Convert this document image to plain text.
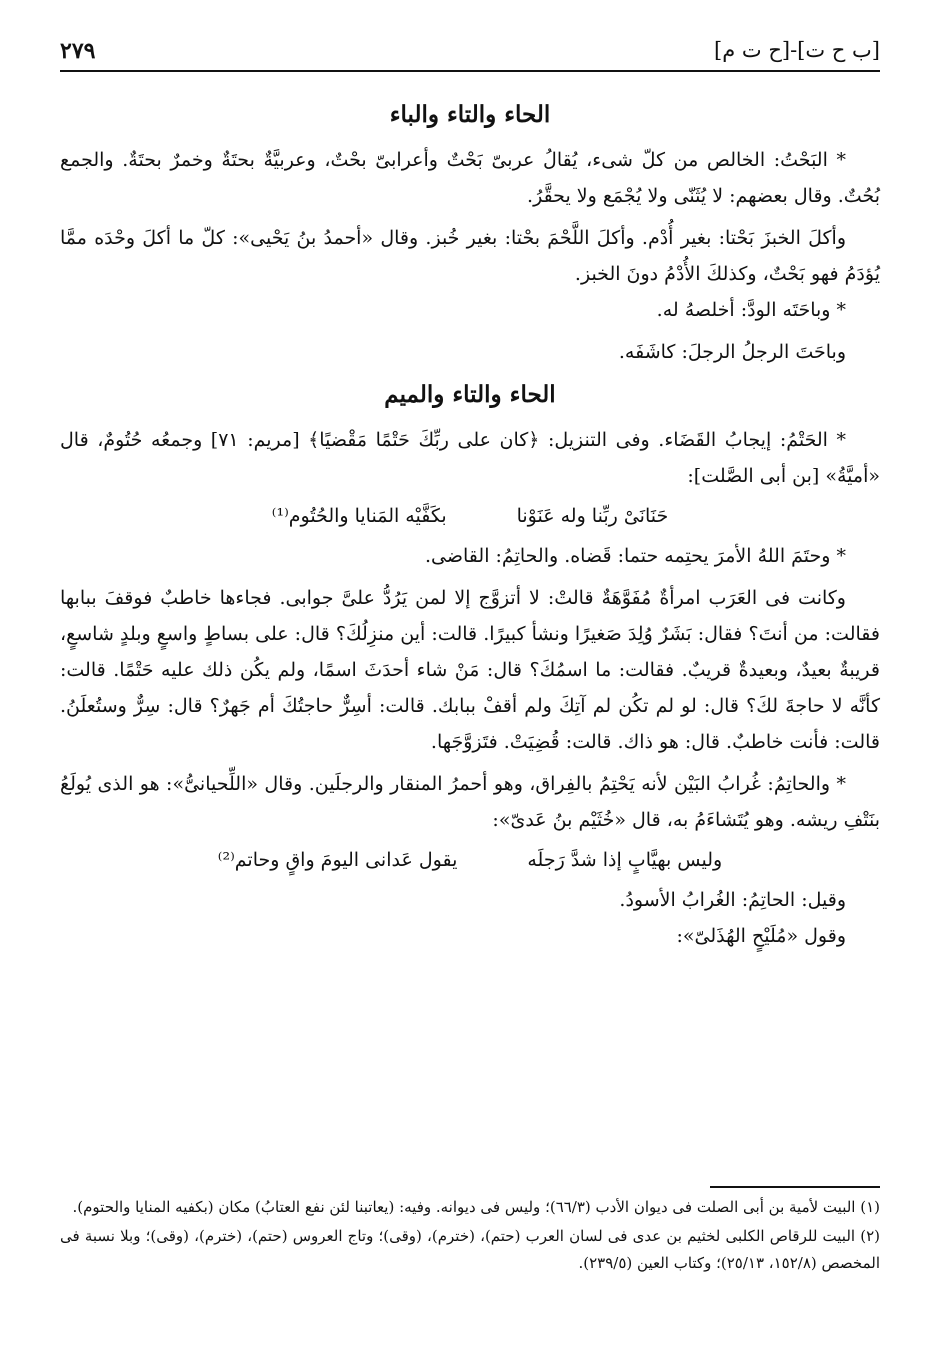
[ب ح ت]-[ح ت م]
٢٧٩
الحاء والتاء والباء

* البَحْتُ: الخالص من كلّ شىء، يُقالُ عربىّ بَحْتٌ وأعرابىّ بحْتٌ، وعربيَّةٌ بحتَةٌ وخمرٌ بحتَةٌ. والجمع بُحُتٌ. وقال بعضهم: لا يُثَنّى ولا يُجْمَع ولا يحقَّرُ.

وأكلَ الخبزَ بَحْتا: بغير أُدْم. وأكلَ اللَّحْمَ بحْتا: بغير خُبز. وقال «أحمدُ بنُ يَحْيى»: كلّ ما أكلَ وحْدَه ممَّا يُؤدَمُ فهو بَحْتٌ، وكذلكَ الأُدْمُ دونَ الخبز.

* وباحَتَه الودَّ: أخلصهُ له.

وباحَتَ الرجلُ الرجلَ: كاشَفَه.

الحاء والتاء والميم

* الحَتْمُ: إيجابُ القَضَاء. وفى التنزيل: ﴿كان على ربِّكَ حَتْمًا مَقْضيًا﴾ [مريم: ٧١] وجمعُه حُتُومٌ، قال «أميَّةُ» [بن أبى الصَّلت]:

حَنَانَىْ ربِّنا وله عَنَوْنا
بكَفَّيْه المَنايا والحُتُوم⁽¹⁾

* وحتَمَ اللهُ الأمرَ يحتِمه حتما: قَضاه. والحاتِمُ: القاضى.

وكانت فى العَرَب امرأةٌ مُفَوَّهَةٌ قالتْ: لا أتزوَّج إلا لمن يَرُدُّ علىَّ جوابى. فجاءها خاطبٌ فوقفَ ببابها فقالت: من أنتَ؟ فقال: بَشَرٌ وُلِدَ صَغيرًا ونشأ كبيرًا. قالت: أين منزِلُكَ؟ قال: على بساطٍ واسعٍ وبلدٍ شاسعٍ، قريبةٌ بعيدٌ، وبعيدةٌ قريبٌ. فقالت: ما اسمُكَ؟ قال: مَنْ شاء أحدَثَ اسمًا، ولم يكُن ذلك عليه حَتْمًا. قالت: كأنَّه لا حاجةَ لكَ؟ قال: لو لم تكُن لم آتِكَ ولم أقفْ ببابك. قالت: أسِرٌّ حاجتُكَ أم جَهرٌ؟ قال: سِرٌّ وستُعلَنُ. قالت: فأنت خاطبٌ. قال: هو ذاك. قالت: قُضِيَتْ. فتَزوَّجَها.

* والحاتِمُ: غُرابُ البَيْن لأنه يَحْتِمُ بالفِراق، وهو أحمرُ المنقار والرجلَين. وقال «اللِّحيانىُّ»: هو الذى يُولَعُ بنَتْفِ ريشه. وهو يُتَشاءَمُ به، قال «خُثَيْم بنُ عَدىّ»:

وليس بهيَّابٍ إذا شدَّ رَجلَه
يقول عَدانى اليومَ واقٍ وحاتم⁽²⁾

وقيل: الحاتِمُ: الغُرابُ الأسودُ.

وقول «مُلَيْحٍ الهُذَلىّ»:

(١) البيت لأمية بن أبى الصلت فى ديوان الأدب (٦٦/٣)؛ وليس فى ديوانه. وفيه: (يعاتبنا لئن نفع العتابُ) مكان (بكفيه المنايا والحتوم).

(٢) البيت للرقاص الكلبى لخثيم بن عدى فى لسان العرب (حتم)، (خترم)، (وقى)؛ وتاج العروس (حتم)، (خترم)، (وقى)؛ وبلا نسبة فى المخصص (١٥٢/٨، ٢٥/١٣)؛ وكتاب العين (٢٣٩/٥).
